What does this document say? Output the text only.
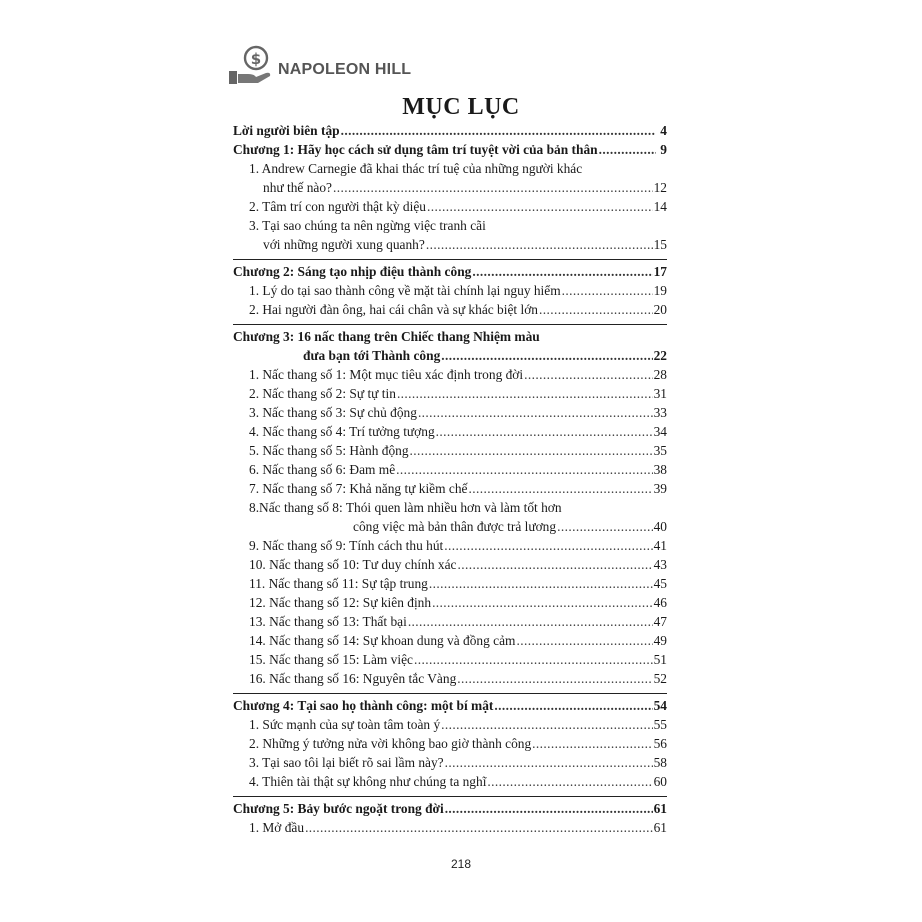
$
NAPOLEON HILL
MỤC LỤC
Lời người biên tập .....	4
Chương 1: Hãy học cách sử dụng tâm trí tuyệt vời của bản thân .....	9
1. Andrew Carnegie đã khai thác trí tuệ của những người khác
như thế nào? .....	12
2. Tâm trí con người thật kỳ diệu .....	14
3. Tại sao chúng ta nên ngừng việc tranh cãi
với những người xung quanh? .....	15
Chương 2: Sáng tạo nhịp điệu thành công .....	17
1. Lý do tại sao thành công về mặt tài chính lại nguy hiểm .....	19
2. Hai người đàn ông, hai cái chân và sự khác biệt lớn .....	20
Chương 3: 16 nấc thang trên Chiếc thang Nhiệm màu
đưa bạn tới Thành công .....	22
1. Nấc thang số 1: Một mục tiêu xác định trong đời .....	28
2. Nấc thang số 2: Sự tự tin .....	31
3. Nấc thang số 3: Sự chủ động .....	33
4. Nấc thang số 4: Trí tưởng tượng .....	34
5. Nấc thang số 5: Hành động .....	35
6. Nấc thang số 6: Đam mê .....	38
7. Nấc thang số 7: Khả năng tự kiềm chế .....	39
8.Nấc thang số 8: Thói quen làm nhiều hơn và làm tốt hơn
công việc mà bản thân được trả lương .....	40
9. Nấc thang số 9: Tính cách thu hút .....	41
10. Nấc thang số 10: Tư duy chính xác .....	43
11. Nấc thang số 11: Sự tập trung .....	45
12. Nấc thang số 12: Sự kiên định .....	46
13. Nấc thang số 13: Thất bại .....	47
14. Nấc thang số 14: Sự khoan dung và đồng cảm .....	49
15. Nấc thang số 15: Làm việc .....	51
16. Nấc thang số 16: Nguyên tắc Vàng .....	52
Chương 4: Tại sao họ thành công: một bí mật .....	54
1. Sức mạnh của sự toàn tâm toàn ý .....	55
2. Những ý tưởng nửa vời không bao giờ thành công .....	56
3. Tại sao tôi lại biết rõ sai lầm này? .....	58
4. Thiên tài thật sự không như chúng ta nghĩ .....	60
Chương 5: Bảy bước ngoặt trong đời .....	61
1. Mở đầu .....	61
218
